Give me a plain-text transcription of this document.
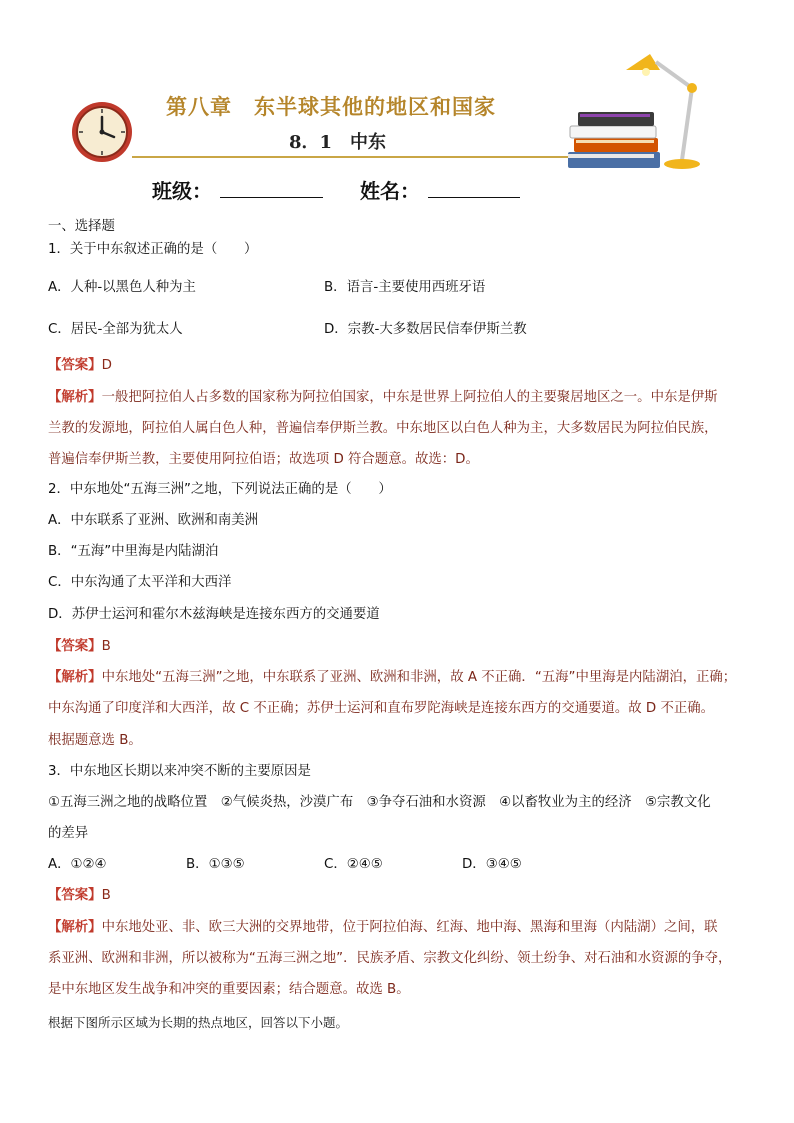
第八章　东半球其他的地区和国家
8．1　中东
班级：	姓名：
一、选择题
1．关于中东叙述正确的是（　　）
A．人种-以黑色人种为主	B．语言-主要使用西班牙语
C．居民-全部为犹太人	D．宗教-大多数居民信奉伊斯兰教
【答案】D
【解析】一般把阿拉伯人占多数的国家称为阿拉伯国家，中东是世界上阿拉伯人的主要聚居地区之一。中东是伊斯
兰教的发源地，阿拉伯人属白色人种，普遍信奉伊斯兰教。中东地区以白色人种为主，大多数居民为阿拉伯民族，
普遍信奉伊斯兰教，主要使用阿拉伯语；故选项 D 符合题意。故选：D。
2．中东地处“五海三洲”之地，下列说法正确的是（　　）
A．中东联系了亚洲、欧洲和南美洲
B．“五海”中里海是内陆湖泊
C．中东沟通了太平洋和大西洋
D．苏伊士运河和霍尔木兹海峡是连接东西方的交通要道
【答案】B
【解析】中东地处“五海三洲”之地，中东联系了亚洲、欧洲和非洲，故 A 不正确．“五海”中里海是内陆湖泊，正确；
中东沟通了印度洋和大西洋，故 C 不正确；苏伊士运河和直布罗陀海峡是连接东西方的交通要道。故 D 不正确。
根据题意选 B。
3．中东地区长期以来冲突不断的主要原因是
①五海三洲之地的战略位置　②气候炎热，沙漠广布　③争夺石油和水资源　④以畜牧业为主的经济　⑤宗教文化
的差异
A．①②④	B．①③⑤	C．②④⑤	D．③④⑤
【答案】B
【解析】中东地处亚、非、欧三大洲的交界地带，位于阿拉伯海、红海、地中海、黑海和里海（内陆湖）之间，联
系亚洲、欧洲和非洲，所以被称为“五海三洲之地”．民族矛盾、宗教文化纠纷、领土纷争、对石油和水资源的争夺，
是中东地区发生战争和冲突的重要因素；结合题意。故选 B。
根据下图所示区域为长期的热点地区，回答以下小题。
